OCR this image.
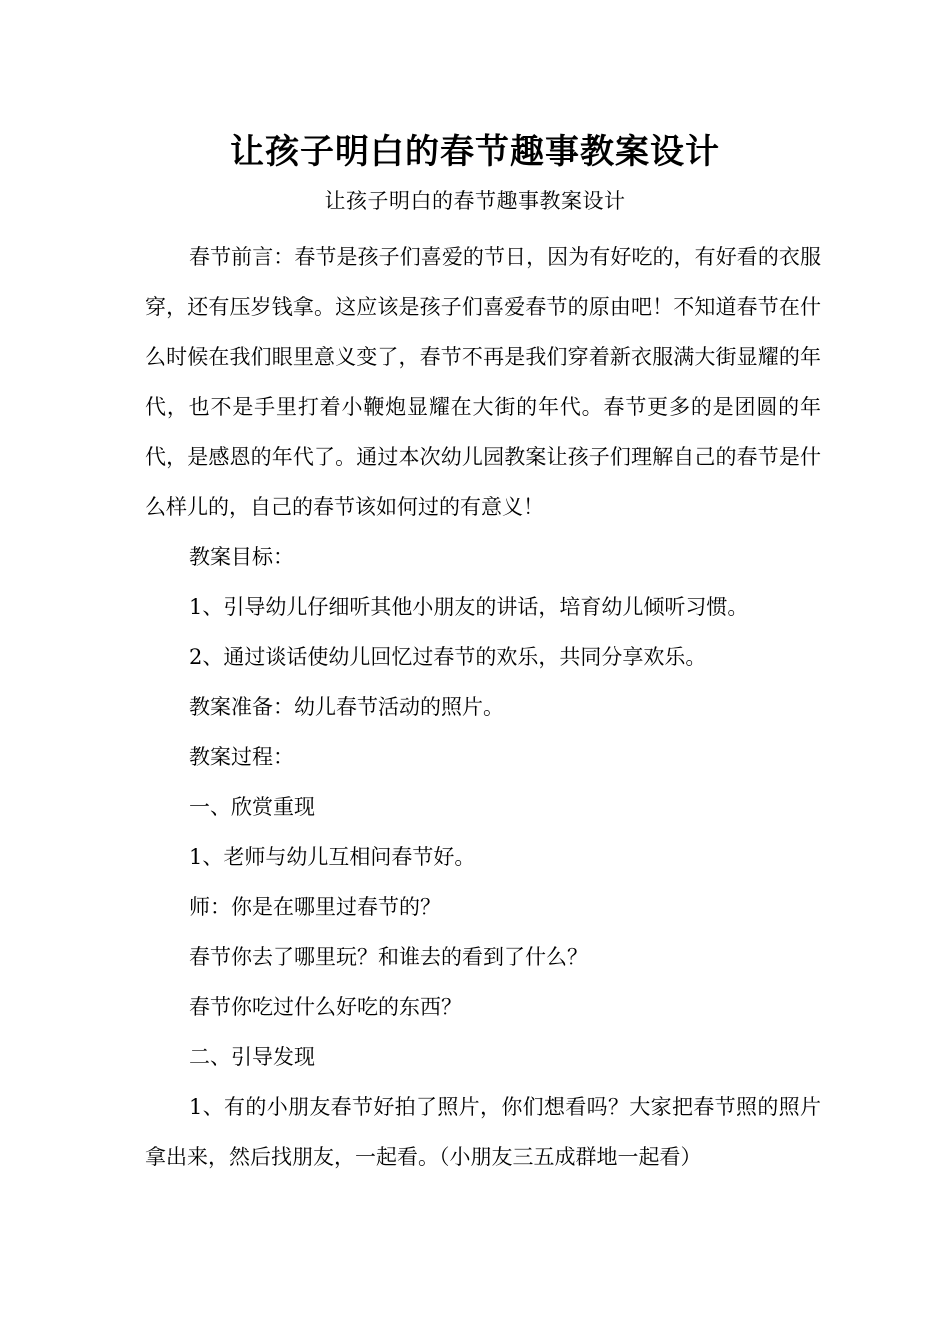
让孩子明白的春节趣事教案设计
让孩子明白的春节趣事教案设计

春节前言：春节是孩子们喜爱的节日，因为有好吃的，有好看的衣服穿，还有压岁钱拿。这应该是孩子们喜爱春节的原由吧！不知道春节在什么时候在我们眼里意义变了，春节不再是我们穿着新衣服满大街显耀的年代，也不是手里打着小鞭炮显耀在大街的年代。春节更多的是团圆的年代，是感恩的年代了。通过本次幼儿园教案让孩子们理解自己的春节是什么样儿的，自己的春节该如何过的有意义！

教案目标：

1、引导幼儿仔细听其他小朋友的讲话，培育幼儿倾听习惯。

2、通过谈话使幼儿回忆过春节的欢乐，共同分享欢乐。

教案准备：幼儿春节活动的照片。

教案过程：

一、欣赏重现

1、老师与幼儿互相问春节好。

师：你是在哪里过春节的？

春节你去了哪里玩？和谁去的看到了什么？

春节你吃过什么好吃的东西？

二、引导发现

1、有的小朋友春节好拍了照片，你们想看吗？大家把春节照的照片拿出来，然后找朋友，一起看。（小朋友三五成群地一起看）
